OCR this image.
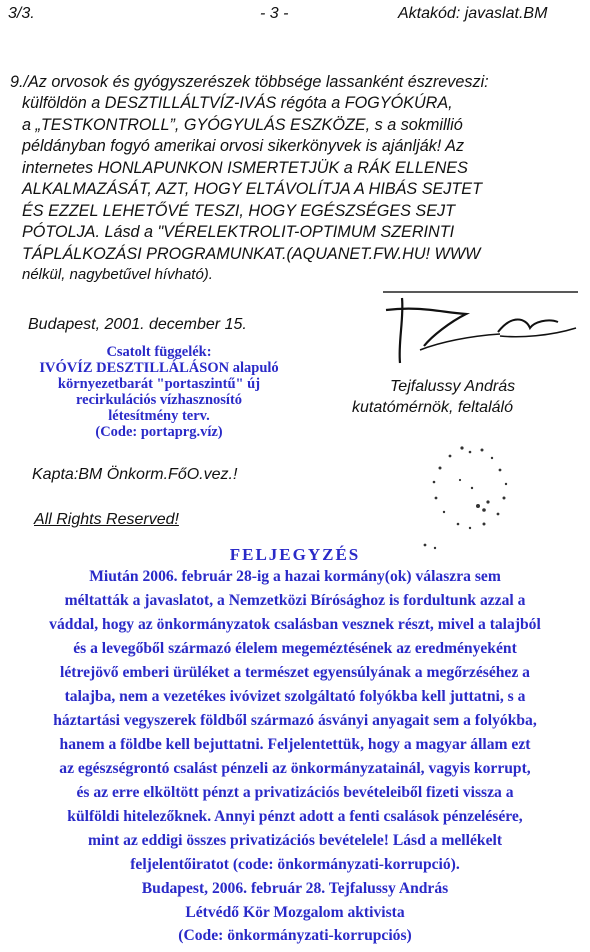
3/3.	- 3 -	Aktakód: javaslat.BM
9./Az orvosok és gyógyszerészek többsége lassanként észreveszi:
külföldön a DESZTILLÁLTVÍZ-IVÁS régóta a FOGYÓKÚRA,
a „TESTKONTROLL”, GYÓGYULÁS ESZKÖZE, s a sokmillió
példányban fogyó amerikai orvosi sikerkönyvek is ajánlják! Az
internetes HONLAPUNKON ISMERTETJÜK a RÁK ELLENES
ALKALMAZÁSÁT, AZT, HOGY ELTÁVOLÍTJA A HIBÁS SEJTET
ÉS EZZEL LEHETŐVÉ TESZI, HOGY EGÉSZSÉGES SEJT
PÓTOLJA. Lásd a "VÉRELEKTROLIT-OPTIMUM SZERINTI
TÁPLÁLKOZÁSI PROGRAMUNKAT.(AQUANET.FW.HU! WWW
nélkül, nagybetűvel hívható).
Budapest, 2001. december 15.
Csatolt függelék:
IVÓVÍZ DESZTILLÁLÁSON alapuló
környezetbarát "portaszintű" új
recirkulációs vízhasznosító
létesítmény terv.
(Code: portaprg.víz)
Tejfalussy András
kutatómérnök, feltaláló
Kapta:BM Önkorm.FőO.vez.!
All Rights Reserved!
FELJEGYZÉS
Miután 2006. február 28-ig a hazai kormány(ok) válaszra sem
méltatták a javaslatot, a Nemzetközi Bírósághoz is fordultunk azzal a
váddal, hogy az önkormányzatok csalásban vesznek részt, mivel a talajból
és a levegőből származó élelem megeméztésének az eredményeként
létrejövő emberi ürüléket a természet egyensúlyának a megőrzéséhez a
talajba, nem a vezetékes ivóvizet szolgáltató folyókba kell juttatni, s a
háztartási vegyszerek földből származó ásványi anyagait sem a folyókba,
hanem a földbe kell bejuttatni. Feljelentettük, hogy a magyar állam ezt
az egészségrontó csalást pénzeli az önkormányzatainál, vagyis korrupt,
és az erre elköltött pénzt a privatizációs bevételeiből fizeti vissza a
külföldi hitelezőknek. Annyi pénzt adott a fenti csalások pénzelésére,
mint az eddigi összes privatizációs bevételele! Lásd a mellékelt
feljelentőiratot (code: önkormányzati-korrupció).
Budapest, 2006. február 28. Tejfalussy András
Létvédő Kör Mozgalom aktivista
(Code: önkormányzati-korrupciós)
